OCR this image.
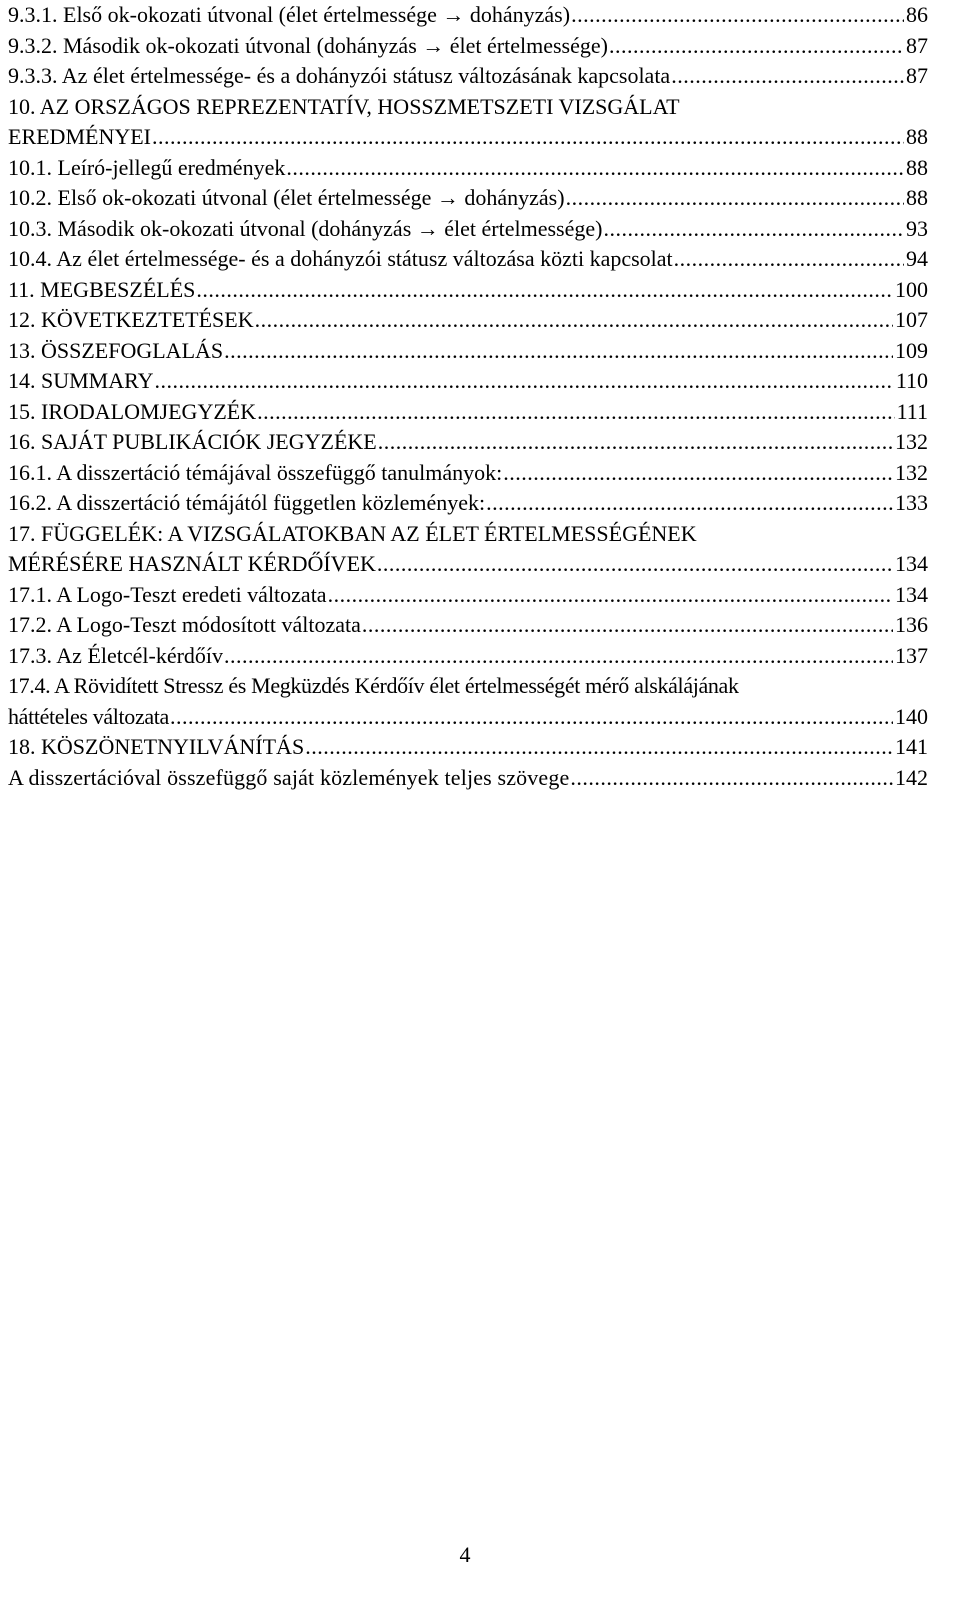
9.3.1. Első ok-okozati útvonal (élet értelmessége → dohányzás) .....	86
9.3.2. Második ok-okozati útvonal (dohányzás → élet értelmessége) .....	87
9.3.3. Az élet értelmessége- és a dohányzói státusz változásának kapcsolata .....	87
10. AZ ORSZÁGOS REPREZENTATÍV, HOSSZMETSZETI VIZSGÁLAT
EREDMÉNYEI .....	88
10.1. Leíró-jellegű eredmények .....	88
10.2. Első ok-okozati útvonal (élet értelmessége → dohányzás) .....	88
10.3. Második ok-okozati útvonal (dohányzás → élet értelmessége) .....	93
10.4. Az élet értelmessége- és a dohányzói státusz változása közti kapcsolat .....	94
11. MEGBESZÉLÉS .....	100
12. KÖVETKEZTETÉSEK .....	107
13. ÖSSZEFOGLALÁS .....	109
14. SUMMARY .....	110
15. IRODALOMJEGYZÉK .....	111
16. SAJÁT PUBLIKÁCIÓK JEGYZÉKE .....	132
16.1. A disszertáció témájával összefüggő tanulmányok: .....	132
16.2. A disszertáció témájától független közlemények: .....	133
17. FÜGGELÉK: A VIZSGÁLATOKBAN AZ ÉLET ÉRTELMESSÉGÉNEK
MÉRÉSÉRE HASZNÁLT KÉRDŐÍVEK .....	134
17.1. A Logo-Teszt eredeti változata .....	134
17.2. A Logo-Teszt módosított változata .....	136
17.3. Az Életcél-kérdőív .....	137
17.4. A Rövidített Stressz és Megküzdés Kérdőív élet értelmességét mérő alskálájának
háttételes változata .....	140
18. KÖSZÖNETNYILVÁNÍTÁS .....	141
A disszertációval összefüggő saját közlemények teljes szövege .....	142
4
